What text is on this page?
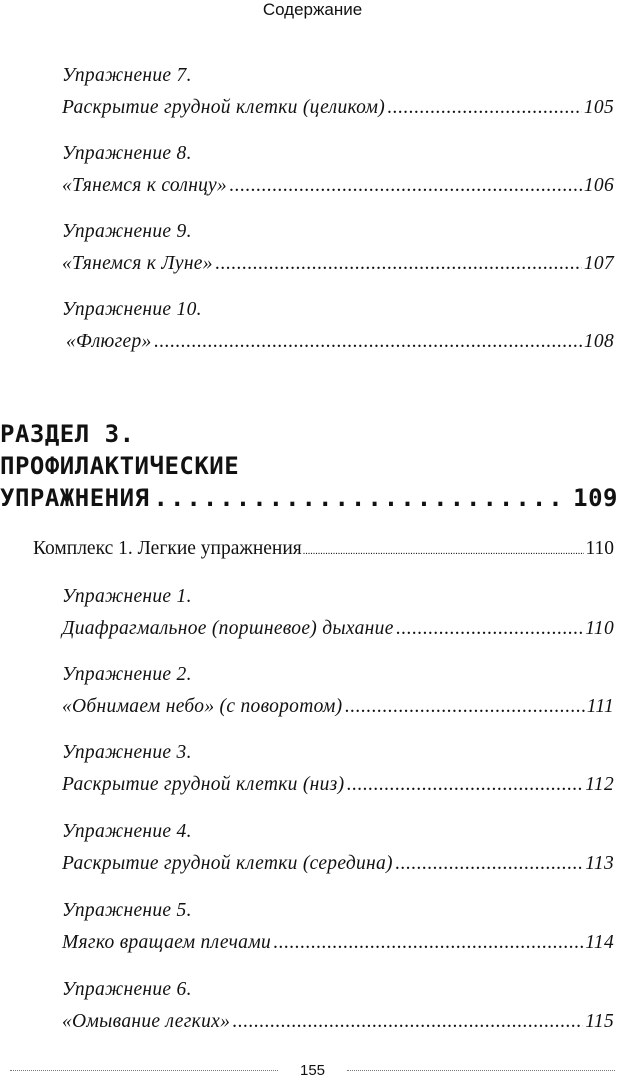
Содержание
Упражнение 7.
Раскрытие грудной клетки (целиком) .....	105
Упражнение 8.
«Тянемся к солнцу» .....	106
Упражнение 9.
«Тянемся к Луне» .....	107
Упражнение 10.
«Флюгер» .....	108
РАЗДЕЛ 3.
ПРОФИЛАКТИЧЕСКИЕ
УПРАЖНЕНИЯ .....	109
Комплекс 1. Легкие упражнения .....	110
Упражнение 1.
Диафрагмальное (поршневое) дыхание .....	110
Упражнение 2.
«Обнимаем небо» (с поворотом) .....	111
Упражнение 3.
Раскрытие грудной клетки (низ) .....	112
Упражнение 4.
Раскрытие грудной клетки (середина) .....	113
Упражнение 5.
Мягко вращаем плечами .....	114
Упражнение 6.
«Омывание легких» .....	115
155
